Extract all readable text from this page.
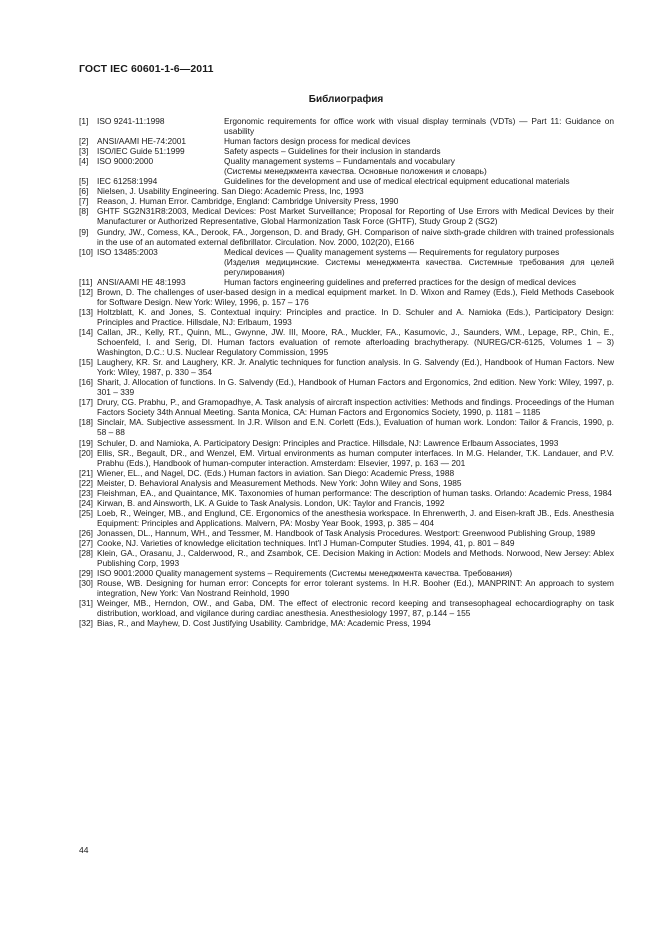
ГОСТ IEC 60601-1-6—2011
Библиография
[1]	ISO 9241-11:1998	Ergonomic requirements for office work with visual display terminals (VDTs) — Part 11: Guidance on usability
[2]	ANSI/AAMI HE-74:2001	Human factors design process for medical devices
[3]	ISO/IEC Guide 51:1999	Safety aspects – Guidelines for their inclusion in standards
[4]	ISO 9000:2000	Quality management systems – Fundamentals and vocabulary
(Системы менеджмента качества. Основные положения и словарь)
[5]	IEC 61258:1994	Guidelines for the development and use of medical electrical equipment educational materials
[6] Nielsen, J. Usability Engineering. San Diego: Academic Press, Inc, 1993
[7] Reason, J. Human Error. Cambridge, England: Cambridge University Press, 1990
[8] GHTF SG2N31R8:2003, Medical Devices: Post Market Surveillance; Proposal for Reporting of Use Errors with Medical Devices by their Manufacturer or Authorized Representative, Global Harmonization Task Force (GHTF), Study Group 2 (SG2)
[9] Gundry, JW., Comess, KA., Derook, FA., Jorgenson, D. and Brady, GH. Comparison of naive sixth-grade children with trained professionals in the use of an automated external defibrillator. Circulation. Nov. 2000, 102(20), E166
[10] ISO 13485:2003	Medical devices — Quality management systems — Requirements for regulatory purposes
(Изделия медицинские. Системы менеджмента качества. Системные требования для целей регулирования)
[11] ANSI/AAMI HE 48:1993	Human factors engineering guidelines and preferred practices for the design of medical devices
[12] Brown, D. The challenges of user-based design in a medical equipment market. In D. Wixon and Ramey (Eds.), Field Methods Casebook for Software Design. New York: Wiley, 1996, p. 157 – 176
[13] Holtzblatt, K. and Jones, S. Contextual inquiry: Principles and practice. In D. Schuler and A. Namioka (Eds.), Participatory Design: Principles and Practice. Hillsdale, NJ: Erlbaum, 1993
[14] Callan, JR., Kelly, RT., Quinn, ML., Gwynne, JW. III, Moore, RA., Muckler, FA., Kasumovic, J., Saunders, WM., Lepage, RP., Chin, E., Schoenfeld, I. and Serig, DI. Human factors evaluation of remote afterloading brachytherapy. (NUREG/CR-6125, Volumes 1 – 3) Washington, D.C.: U.S. Nuclear Regulatory Commission, 1995
[15] Laughery, KR. Sr. and Laughery, KR. Jr. Analytic techniques for function analysis. In G. Salvendy (Ed.), Handbook of Human Factors. New York: Wiley, 1987, p. 330 – 354
[16] Sharit, J. Allocation of functions. In G. Salvendy (Ed.), Handbook of Human Factors and Ergonomics, 2nd edition. New York: Wiley, 1997, p. 301 – 339
[17] Drury, CG. Prabhu, P., and Gramopadhye, A. Task analysis of aircraft inspection activities: Methods and findings. Proceedings of the Human Factors Society 34th Annual Meeting. Santa Monica, CA: Human Factors and Ergonomics Society, 1990, p. 1181 – 1185
[18] Sinclair, MA. Subjective assessment. In J.R. Wilson and E.N. Corlett (Eds.), Evaluation of human work. London: Tailor & Francis, 1990, p. 58 – 88
[19] Schuler, D. and Namioka, A. Participatory Design: Principles and Practice. Hillsdale, NJ: Lawrence Erlbaum Associates, 1993
[20] Ellis, SR., Begault, DR., and Wenzel, EM. Virtual environments as human computer interfaces. In M.G. Helander, T.K. Landauer, and P.V. Prabhu (Eds.), Handbook of human-computer interaction. Amsterdam: Elsevier, 1997, p. 163 — 201
[21] Wiener, EL., and Nagel, DC. (Eds.) Human factors in aviation. San Diego: Academic Press, 1988
[22] Meister, D. Behavioral Analysis and Measurement Methods. New York: John Wiley and Sons, 1985
[23] Fleishman, EA., and Quaintance, MK. Taxonomies of human performance: The description of human tasks. Orlando: Academic Press, 1984
[24] Kirwan, B. and Ainsworth, LK. A Guide to Task Analysis. London, UK: Taylor and Francis, 1992
[25] Loeb, R., Weinger, MB., and Englund, CE. Ergonomics of the anesthesia workspace. In Ehrenwerth, J. and Eisen-kraft JB., Eds. Anesthesia Equipment: Principles and Applications. Malvern, PA: Mosby Year Book, 1993, p. 385 – 404
[26] Jonassen, DL., Hannum, WH., and Tessmer, M. Handbook of Task Analysis Procedures. Westport: Greenwood Publishing Group, 1989
[27] Cooke, NJ. Varieties of knowledge elicitation techniques. Int'l J Human-Computer Studies. 1994, 41, p. 801 – 849
[28] Klein, GA., Orasanu, J., Calderwood, R., and Zsambok, CE. Decision Making in Action: Models and Methods. Norwood, New Jersey: Ablex Publishing Corp, 1993
[29] ISO 9001:2000 Quality management systems – Requirements (Системы менеджмента качества. Требования)
[30] Rouse, WB. Designing for human error: Concepts for error tolerant systems. In H.R. Booher (Ed.), MANPRINT: An approach to system integration, New York: Van Nostrand Reinhold, 1990
[31] Weinger, MB., Herndon, OW., and Gaba, DM. The effect of electronic record keeping and transesophageal echocardiography on task distribution, workload, and vigilance during cardiac anesthesia. Anesthesiology 1997, 87, p.144 – 155
[32] Bias, R., and Mayhew, D. Cost Justifying Usability. Cambridge, MA: Academic Press, 1994
44
